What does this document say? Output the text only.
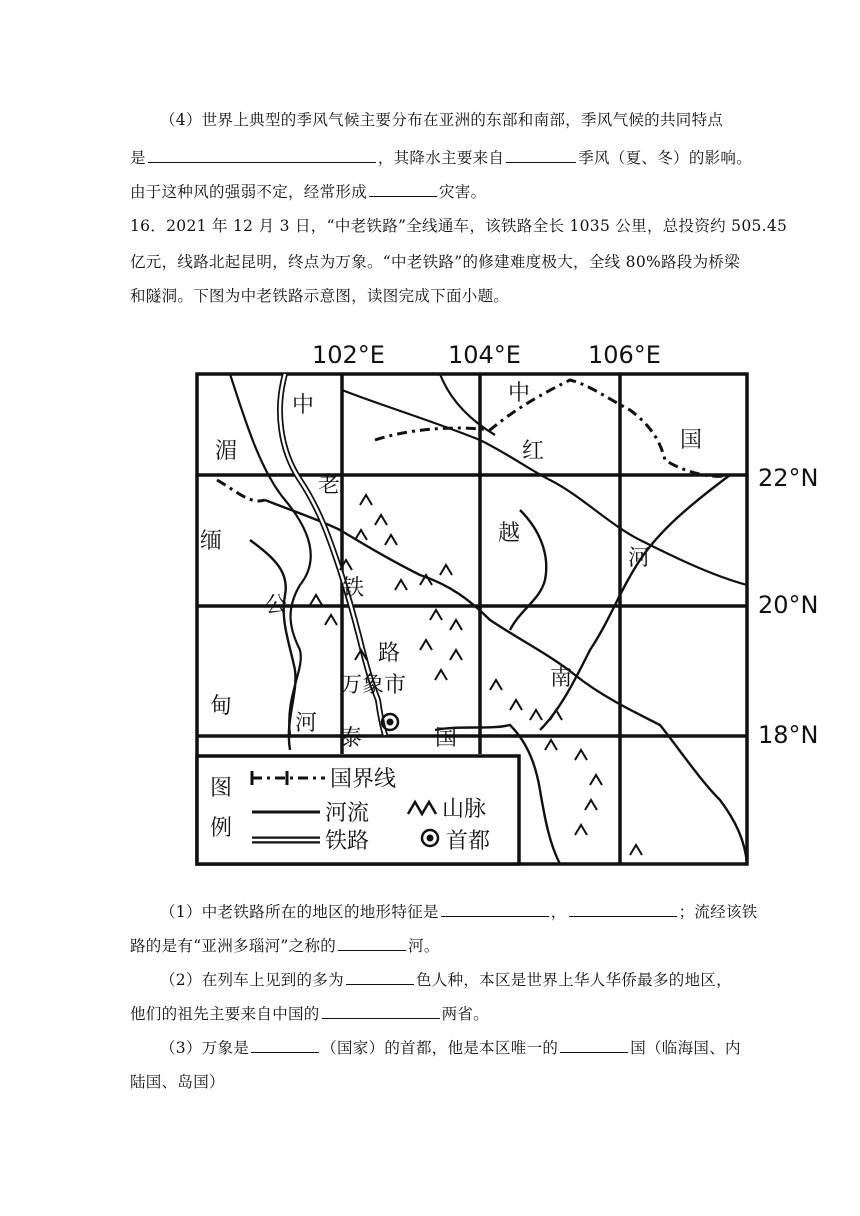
（4）世界上典型的季风气候主要分布在亚洲的东部和南部，季风气候的共同特点
是	，其降水主要来自	季风（夏、冬）的影响。
由于这种风的强弱不定，经常形成	灾害。
16．2021 年 12 月 3 日，“中老铁路”全线通车，该铁路全长 1035 公里，总投资约 505.45
亿元，线路北起昆明，终点为万象。“中老铁路”的修建难度极大，全线 80%路段为桥梁
和隧洞。下图为中老铁路示意图，读图完成下面小题。
102°E	104°E	106°E
22°N
20°N
18°N
中
湄
老
缅
铁
公
路
万象市
甸
河
泰	国
中
国
红
越
河
南
图
例
国界线
河流
铁路
山脉
首都
（1）中老铁路所在的地区的地形特征是	，	；流经该铁
路的是有“亚洲多瑙河”之称的	河。
（2）在列车上见到的多为	色人种，本区是世界上华人华侨最多的地区，
他们的祖先主要来自中国的	两省。
（3）万象是	（国家）的首都，他是本区唯一的	国（临海国、内
陆国、岛国）
